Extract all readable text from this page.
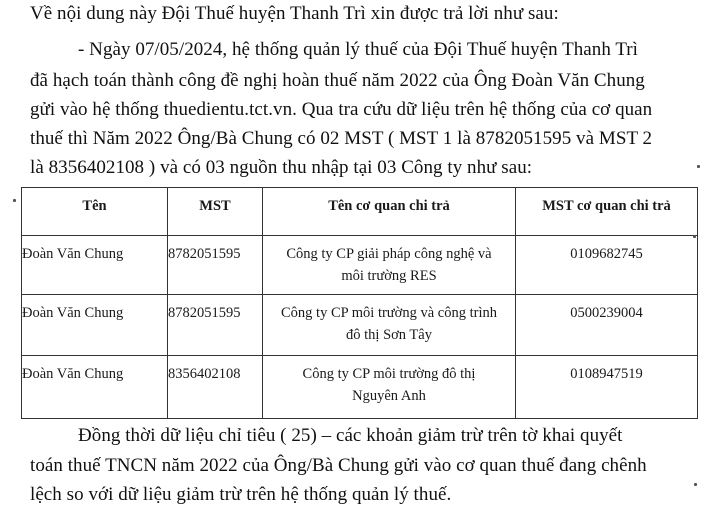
Về nội dung này Đội Thuế huyện Thanh Trì xin được trả lời như sau:
- Ngày 07/05/2024, hệ thống quản lý thuế của Đội Thuế huyện Thanh Trì
đã hạch toán thành công đề nghị hoàn thuế năm 2022 của Ông Đoàn Văn Chung
gửi vào hệ thống thuedientu.tct.vn. Qua tra cứu dữ liệu trên hệ thống của cơ quan
thuế thì Năm 2022 Ông/Bà Chung có 02 MST ( MST 1 là 8782051595 và MST 2
là 8356402108 ) và có 03 nguồn thu nhập tại 03 Công ty như sau:
Tên	MST	Tên cơ quan chi trả	MST cơ quan chi trả
Đoàn Văn Chung	8782051595	Công ty CP giải pháp công nghệ và
môi trường RES	0109682745
Đoàn Văn Chung	8782051595	Công ty CP môi trường và công trình
đô thị Sơn Tây	0500239004
Đoàn Văn Chung	8356402108	Công ty CP môi trường đô thị
Nguyên Anh	0108947519
Đồng thời dữ liệu chỉ tiêu ( 25) – các khoản giảm trừ trên tờ khai quyết
toán thuế TNCN năm 2022 của Ông/Bà Chung gửi vào cơ quan thuế đang chênh
lệch so với dữ liệu giảm trừ trên hệ thống quản lý thuế.
